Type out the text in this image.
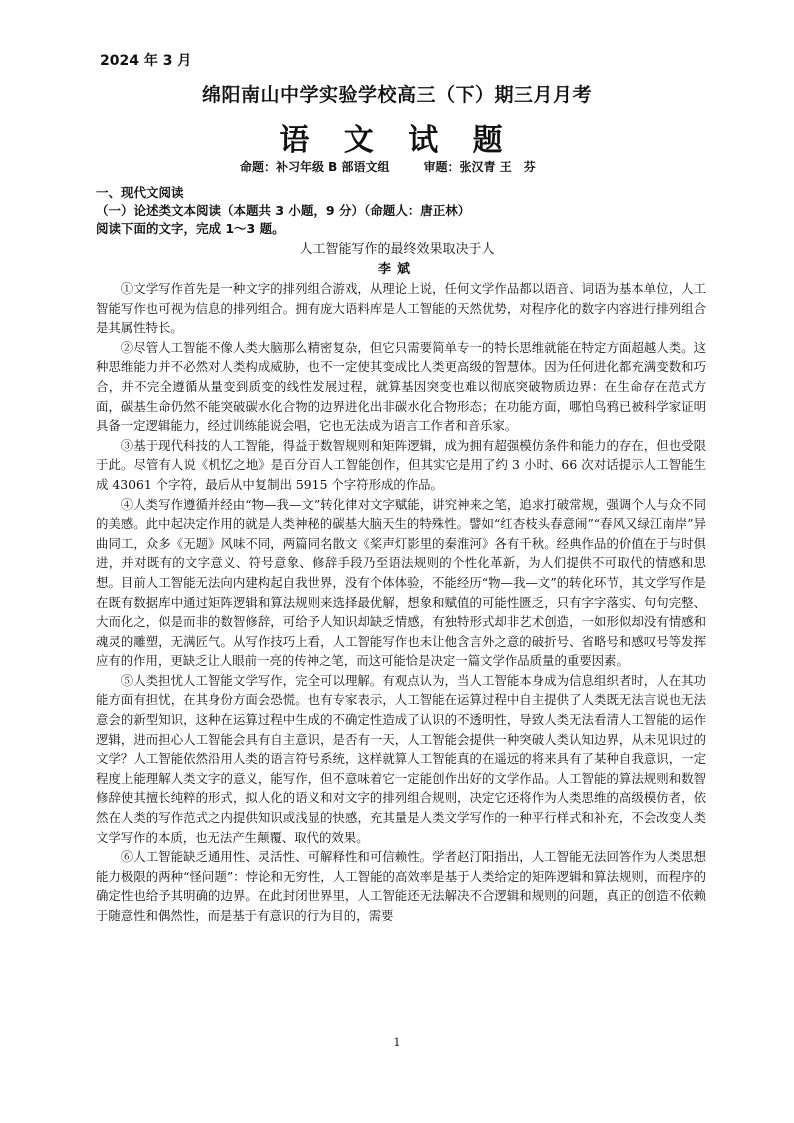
2024 年 3 月
绵阳南山中学实验学校高三（下）期三月月考
语 文 试 题
命题：补习年级 B 部语文组	审题：张汉青 王　芬
一、现代文阅读
（一）论述类文本阅读（本题共 3 小题，9 分）（命题人：唐正林）
阅读下面的文字，完成 1～3 题。
人工智能写作的最终效果取决于人
李斌

①文学写作首先是一种文字的排列组合游戏，从理论上说，任何文学作品都以语音、词语为基本单位，人工智能写作也可视为信息的排列组合。拥有庞大语料库是人工智能的天然优势，对程序化的数字内容进行排列组合是其属性特长。

②尽管人工智能不像人类大脑那么精密复杂，但它只需要简单专一的特长思维就能在特定方面超越人类。这种思维能力并不必然对人类构成威胁，也不一定使其变成比人类更高级的智慧体。因为任何进化都充满变数和巧合，并不完全遵循从量变到质变的线性发展过程，就算基因突变也难以彻底突破物质边界：在生命存在范式方面，碳基生命仍然不能突破碳水化合物的边界进化出非碳水化合物形态；在功能方面，哪怕鸟鸦已被科学家证明具备一定逻辑能力，经过训练能说会唱，它也无法成为语言工作者和音乐家。

③基于现代科技的人工智能，得益于数智规则和矩阵逻辑，成为拥有超强模仿条件和能力的存在，但也受限于此。尽管有人说《机忆之地》是百分百人工智能创作，但其实它是用了约 3 小时、66 次对话提示人工智能生成 43061 个字符，最后从中复制出 5915 个字符形成的作品。

④人类写作遵循并经由“物—我—文”转化律对文字赋能，讲究神来之笔，追求打破常规，强调个人与众不同的美感。此中起决定作用的就是人类神秘的碳基大脑天生的特殊性。譬如“红杏枝头春意闹”“春风又绿江南岸”异曲同工，众多《无题》风味不同，两篇同名散文《桨声灯影里的秦淮河》各有千秋。经典作品的价值在于与时俱进，并对既有的文字意义、符号意象、修辞手段乃至语法规则的个性化革新，为人们提供不可取代的情感和思想。目前人工智能无法向内建构起自我世界，没有个体体验，不能经历“物—我—文”的转化环节，其文学写作是在既有数据库中通过矩阵逻辑和算法规则来选择最优解，想象和赋值的可能性匮乏，只有字字落实、句句完整、大而化之，似是而非的数智修辞，可给予人知识却缺乏情感，有独特形式却非艺术创造，一如形似却没有情感和魂灵的雕塑，无满匠气。从写作技巧上看，人工智能写作也未让他含言外之意的破折号、省略号和感叹号等发挥应有的作用，更缺乏让人眼前一亮的传神之笔，而这可能恰是决定一篇文学作品质量的重要因素。

⑤人类担忧人工智能文学写作，完全可以理解。有观点认为，当人工智能本身成为信息组织者时，人在其功能方面有担忧，在其身份方面会恐慌。也有专家表示，人工智能在运算过程中自主提供了人类既无法言说也无法意会的新型知识，这种在运算过程中生成的不确定性造成了认识的不透明性，导致人类无法看清人工智能的运作逻辑，进而担心人工智能会具有自主意识，是否有一天，人工智能会提供一种突破人类认知边界，从未见识过的文学？人工智能依然沿用人类的语言符号系统，这样就算人工智能真的在遥远的将来具有了某种自我意识，一定程度上能理解人类文字的意义，能写作，但不意味着它一定能创作出好的文学作品。人工智能的算法规则和数智修辞使其擅长纯粹的形式，拟人化的语义和对文字的排列组合规则，决定它还将作为人类思维的高级模仿者，依然在人类的写作范式之内提供知识或浅显的快感，充其量是人类文学写作的一种平行样式和补充，不会改变人类文学写作的本质，也无法产生颠覆、取代的效果。

⑥人工智能缺乏通用性、灵活性、可解释性和可信赖性。学者赵汀阳指出，人工智能无法回答作为人类思想能力极限的两种“怪问题”：悖论和无穷性，人工智能的高效率是基于人类给定的矩阵逻辑和算法规则，而程序的确定性也给予其明确的边界。在此封闭世界里，人工智能还无法解决不合逻辑和规则的问题，真正的创造不依赖于随意性和偶然性，而是基于有意识的行为目的，需要

1
